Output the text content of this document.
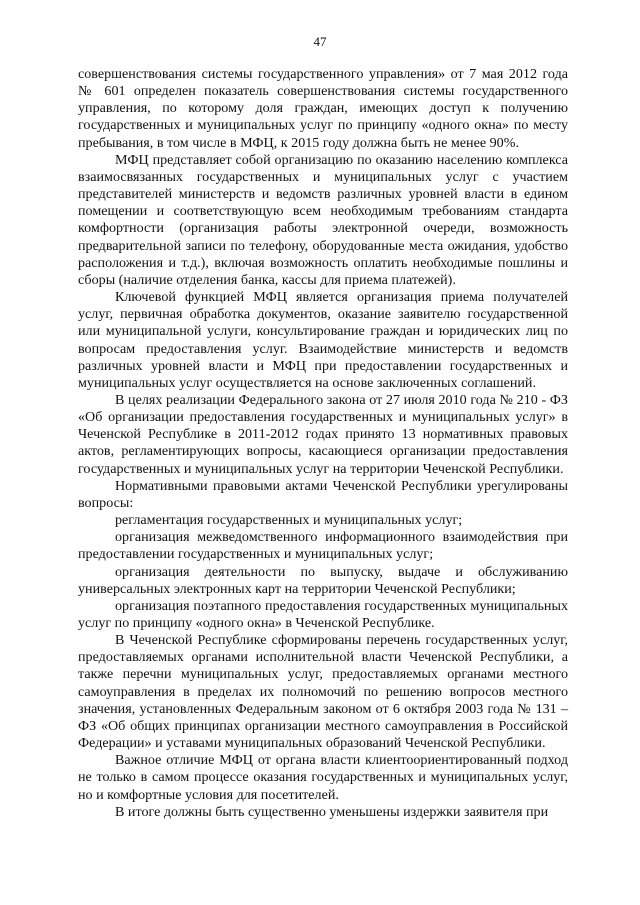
47

совершенствования системы государственного управления» от 7 мая 2012 года № 601 определен показатель совершенствования системы государственного управления, по которому доля граждан, имеющих доступ к получению государственных и муниципальных услуг по принципу «одного окна» по месту пребывания, в том числе в МФЦ, к 2015 году должна быть не менее 90%.

МФЦ представляет собой организацию по оказанию населению комплекса взаимосвязанных государственных и муниципальных услуг с участием представителей министерств и ведомств различных уровней власти в едином помещении и соответствующую всем необходимым требованиям стандарта комфортности (организация работы электронной очереди, возможность предварительной записи по телефону, оборудованные места ожидания, удобство расположения и т.д.), включая возможность оплатить необходимые пошлины и сборы (наличие отделения банка, кассы для приема платежей).

Ключевой функцией МФЦ является организация приема получателей услуг, первичная обработка документов, оказание заявителю государственной или муниципальной услуги, консультирование граждан и юридических лиц по вопросам предоставления услуг. Взаимодействие министерств и ведомств различных уровней власти и МФЦ при предоставлении государственных и муниципальных услуг осуществляется на основе заключенных соглашений.

В целях реализации Федерального закона от 27 июля 2010 года № 210 - ФЗ «Об организации предоставления государственных и муниципальных услуг» в Чеченской Республике в 2011-2012 годах принято 13 нормативных правовых актов, регламентирующих вопросы, касающиеся организации предоставления государственных и муниципальных услуг на территории Чеченской Республики.

Нормативными правовыми актами Чеченской Республики урегулированы вопросы:

регламентация государственных и муниципальных услуг;

организация межведомственного информационного взаимодействия при предоставлении государственных и муниципальных услуг;

организация деятельности по выпуску, выдаче и обслуживанию универсальных электронных карт на территории Чеченской Республики;

организация поэтапного предоставления государственных муниципальных услуг по принципу «одного окна» в Чеченской Республике.

В Чеченской Республике сформированы перечень государственных услуг, предоставляемых органами исполнительной власти Чеченской Республики, а также перечни муниципальных услуг, предоставляемых органами местного самоуправления в пределах их полномочий по решению вопросов местного значения, установленных Федеральным законом от 6 октября 2003 года № 131 – ФЗ «Об общих принципах организации местного самоуправления в Российской Федерации» и уставами муниципальных образований Чеченской Республики.

Важное отличие МФЦ от органа власти клиентоориентированный подход не только в самом процессе оказания государственных и муниципальных услуг, но и комфортные условия для посетителей.

В итоге должны быть существенно уменьшены издержки заявителя при
